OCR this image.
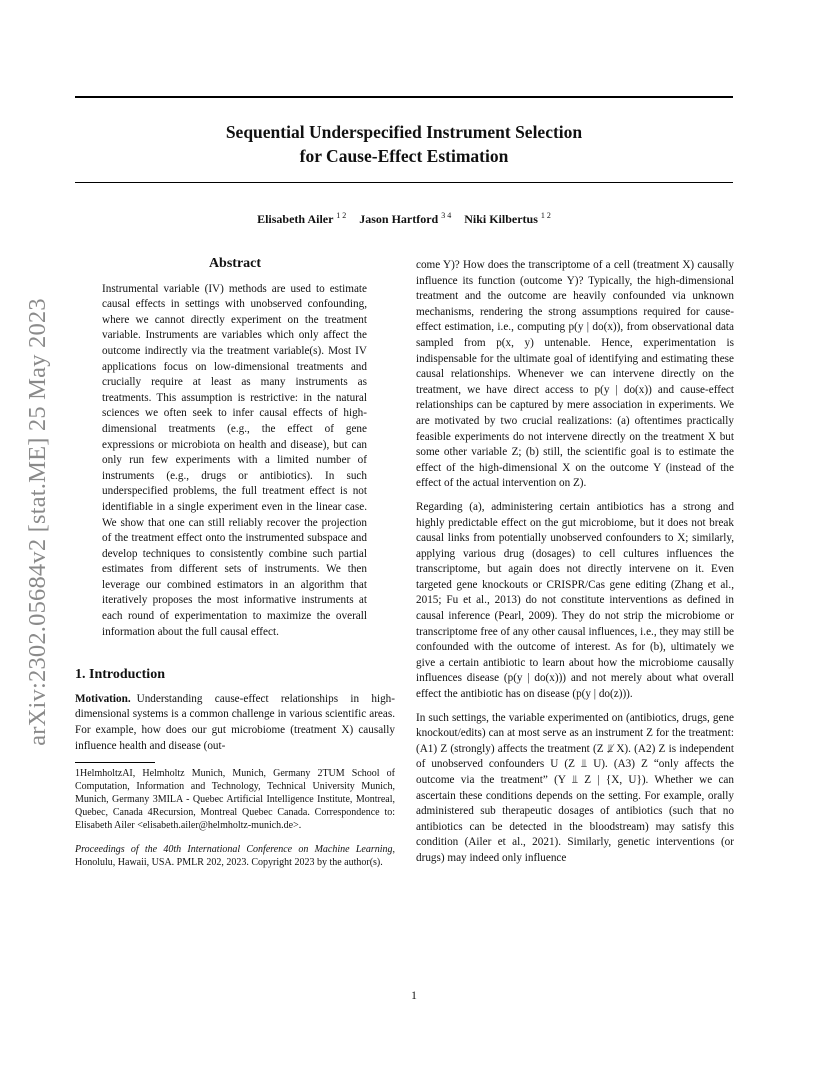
Sequential Underspecified Instrument Selection
for Cause-Effect Estimation
Elisabeth Ailer $^{1 2}$ Jason Hartford $^{3 4}$ Niki Kilbertus $^{1 2}$
arXiv:2302.05684v2 [stat.ME] 25 May 2023
Abstract
Instrumental variable (IV) methods are used to estimate causal effects in settings with unobserved confounding, where we cannot directly experiment on the treatment variable. Instruments are variables which only affect the outcome indirectly via the treatment variable(s). Most IV applications focus on low-dimensional treatments and crucially require at least as many instruments as treatments. This assumption is restrictive: in the natural sciences we often seek to infer causal effects of high-dimensional treatments (e.g., the effect of gene expressions or microbiota on health and disease), but can only run few experiments with a limited number of instruments (e.g., drugs or antibiotics). In such underspecified problems, the full treatment effect is not identifiable in a single experiment even in the linear case. We show that one can still reliably recover the projection of the treatment effect onto the instrumented subspace and develop techniques to consistently combine such partial estimates from different sets of instruments. We then leverage our combined estimators in an algorithm that iteratively proposes the most informative instruments at each round of experimentation to maximize the overall information about the full causal effect.
1. Introduction
Motivation. Understanding cause-effect relationships in high-dimensional systems is a common challenge in various scientific areas. For example, how does our gut microbiome (treatment X) causally influence health and disease (out-

1HelmholtzAI, Helmholtz Munich, Munich, Germany 2TUM School of Computation, Information and Technology, Technical University Munich, Munich, Germany 3MILA - Quebec Artificial Intelligence Institute, Montreal, Quebec, Canada 4Recursion, Montreal Quebec Canada. Correspondence to: Elisabeth Ailer <elisabeth.ailer@helmholtz-munich.de>.

Proceedings of the 40th International Conference on Machine Learning, Honolulu, Hawaii, USA. PMLR 202, 2023. Copyright 2023 by the author(s).

come Y)? How does the transcriptome of a cell (treatment X) causally influence its function (outcome Y)? Typically, the high-dimensional treatment and the outcome are heavily confounded via unknown mechanisms, rendering the strong assumptions required for cause-effect estimation, i.e., computing p(y | do(x)), from observational data sampled from p(x, y) untenable. Hence, experimentation is indispensable for the ultimate goal of identifying and estimating these causal relationships. Whenever we can intervene directly on the treatment, we have direct access to p(y | do(x)) and cause-effect relationships can be captured by mere association in experiments. We are motivated by two crucial realizations: (a) oftentimes practically feasible experiments do not intervene directly on the treatment X but some other variable Z; (b) still, the scientific goal is to estimate the effect of the high-dimensional X on the outcome Y (instead of the effect of the actual intervention on Z).

Regarding (a), administering certain antibiotics has a strong and highly predictable effect on the gut microbiome, but it does not break causal links from potentially unobserved confounders to X; similarly, applying various drug (dosages) to cell cultures influences the transcriptome, but again does not directly intervene on it. Even targeted gene knockouts or CRISPR/Cas gene editing (Zhang et al., 2015; Fu et al., 2013) do not constitute interventions as defined in causal inference (Pearl, 2009). They do not strip the microbiome or transcriptome free of any other causal influences, i.e., they may still be confounded with the outcome of interest. As for (b), ultimately we give a certain antibiotic to learn about how the microbiome causally influences disease (p(y | do(x))) and not merely about what overall effect the antibiotic has on disease (p(y | do(z))).

In such settings, the variable experimented on (antibiotics, drugs, gene knockout/edits) can at most serve as an instrument Z for the treatment: (A1) Z (strongly) affects the treatment (Z ⫫̸ X). (A2) Z is independent of unobserved confounders U (Z ⫫ U). (A3) Z “only affects the outcome via the treatment” (Y ⫫ Z | {X, U}). Whether we can ascertain these conditions depends on the setting. For example, orally administered sub therapeutic dosages of antibiotics (such that no antibiotics can be detected in the bloodstream) may satisfy this condition (Ailer et al., 2021). Similarly, genetic interventions (or drugs) may indeed only influence

1
